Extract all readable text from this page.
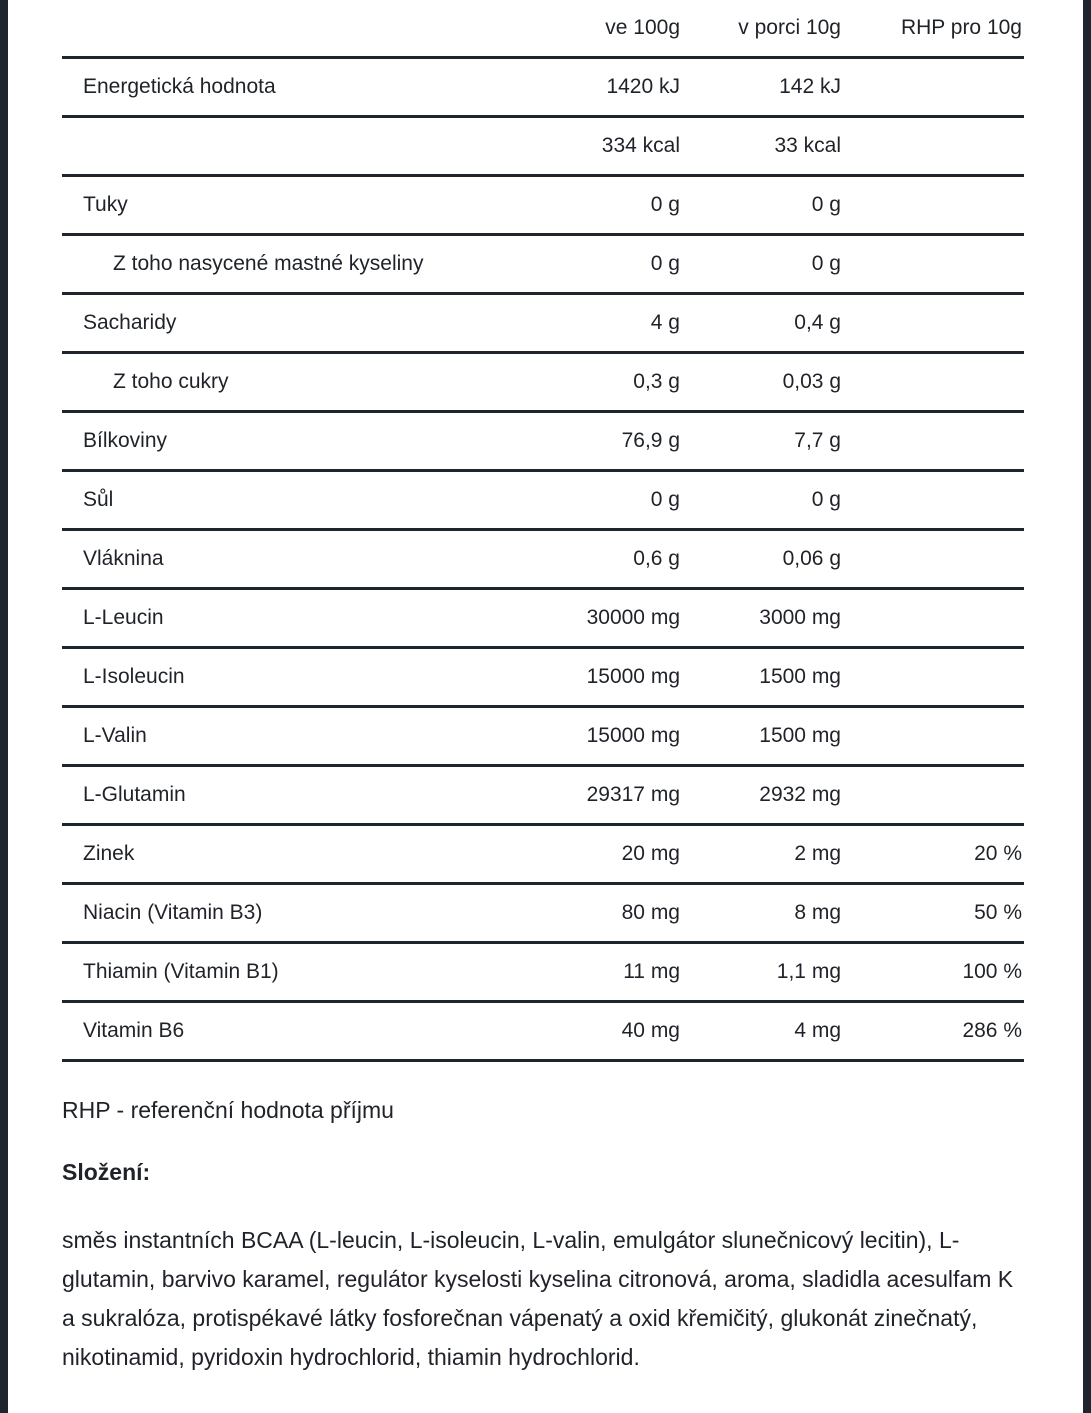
	ve 100g	v porci 10g	RHP pro 10g
Energetická hodnota	1420 kJ	142 kJ	
	334 kcal	33 kcal	
Tuky	0 g	0 g	
Z toho nasycené mastné kyseliny	0 g	0 g	
Sacharidy	4 g	0,4 g	
Z toho cukry	0,3 g	0,03 g	
Bílkoviny	76,9 g	7,7 g	
Sůl	0 g	0 g	
Vláknina	0,6 g	0,06 g	
L-Leucin	30000 mg	3000 mg	
L-Isoleucin	15000 mg	1500 mg	
L-Valin	15000 mg	1500 mg	
L-Glutamin	29317 mg	2932 mg	
Zinek	20 mg	2 mg	20 %
Niacin (Vitamin B3)	80 mg	8 mg	50 %
Thiamin (Vitamin B1)	11 mg	1,1 mg	100 %
Vitamin B6	40 mg	4 mg	286 %

RHP - referenční hodnota příjmu

Složení:

směs instantních BCAA (L-leucin, L-isoleucin, L-valin, emulgátor slunečnicový lecitin), L-glutamin, barvivo karamel, regulátor kyselosti kyselina citronová, aroma, sladidla acesulfam K a sukralóza, protispékavé látky fosforečnan vápenatý a oxid křemičitý, glukonát zinečnatý, nikotinamid, pyridoxin hydrochlorid, thiamin hydrochlorid.
